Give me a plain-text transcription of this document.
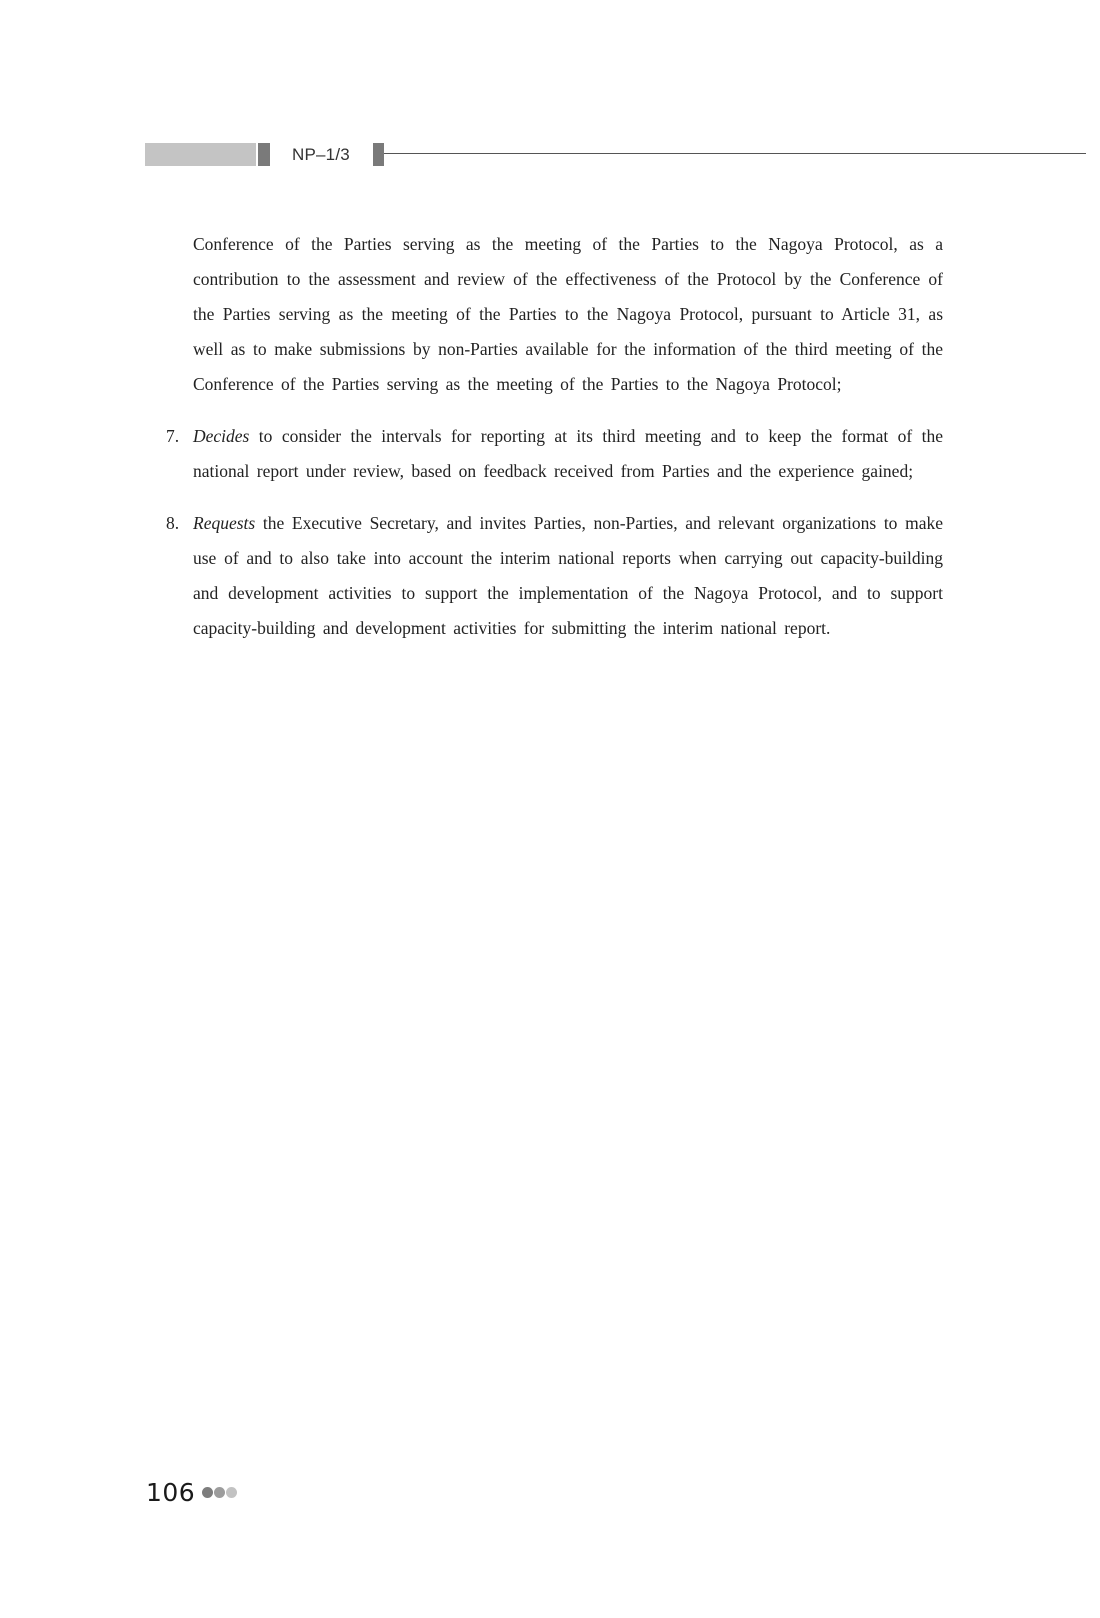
NP–1/3
Conference of the Parties serving as the meeting of the Parties to the Nagoya Protocol, as a contribution to the assessment and review of the effectiveness of the Protocol by the Conference of the Parties serving as the meeting of the Parties to the Nagoya Protocol, pursuant to Article 31, as well as to make submissions by non-Parties available for the information of the third meeting of the Conference of the Parties serving as the meeting of the Parties to the Nagoya Protocol;
7. Decides to consider the intervals for reporting at its third meeting and to keep the format of the national report under review, based on feedback received from Parties and the experience gained;
8. Requests the Executive Secretary, and invites Parties, non-Parties, and relevant organizations to make use of and to also take into account the interim national reports when carrying out capacity-building and development activities to support the implementation of the Nagoya Protocol, and to support capacity-building and development activities for submitting the interim national report.
106
